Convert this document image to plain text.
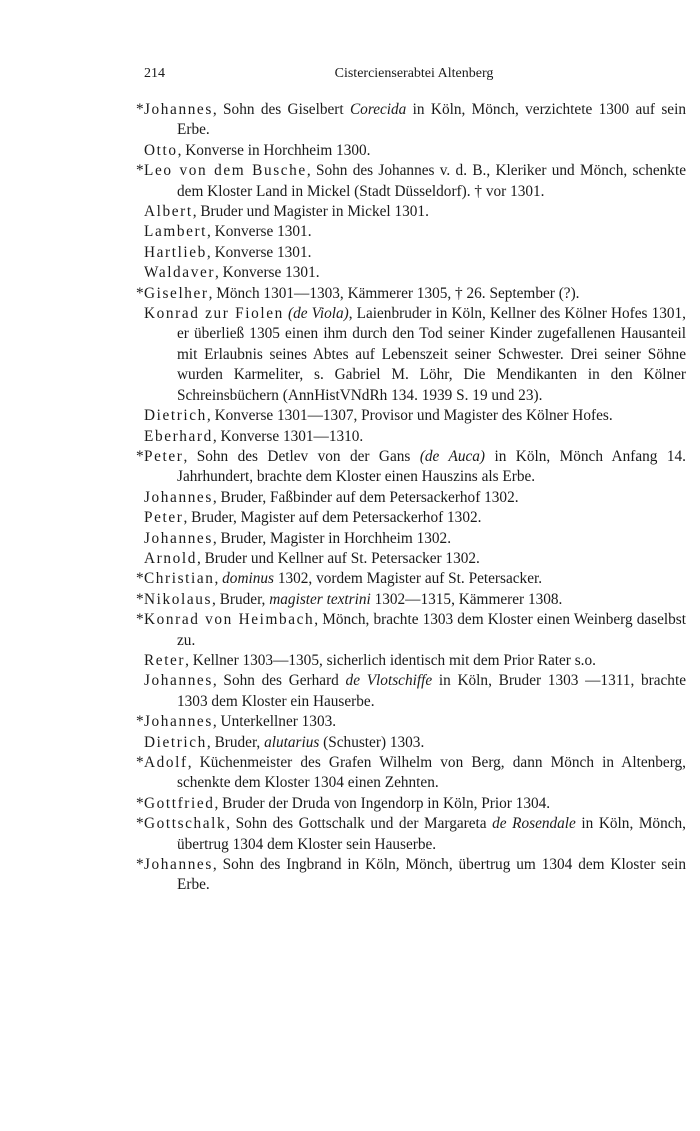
214	Cistercienserabtei Altenberg
* Johannes, Sohn des Giselbert Corecida in Köln, Mönch, verzichtete 1300 auf sein Erbe.
Otto, Konverse in Horchheim 1300.
* Leo von dem Busche, Sohn des Johannes v. d. B., Kleriker und Mönch, schenkte dem Kloster Land in Mickel (Stadt Düsseldorf). † vor 1301.
Albert, Bruder und Magister in Mickel 1301.
Lambert, Konverse 1301.
Hartlieb, Konverse 1301.
Waldaver, Konverse 1301.
* Giselher, Mönch 1301—1303, Kämmerer 1305, † 26. September (?).
Konrad zur Fiolen (de Viola), Laienbruder in Köln, Kellner des Kölner Hofes 1301, er überließ 1305 einen ihm durch den Tod seiner Kinder zugefallenen Hausanteil mit Erlaubnis seines Abtes auf Lebenszeit seiner Schwester. Drei seiner Söhne wurden Karmeliter, s. Gabriel M. Löhr, Die Mendikanten in den Kölner Schreinsbüchern (AnnHistVNdRh 134. 1939 S. 19 und 23).
Dietrich, Konverse 1301—1307, Provisor und Magister des Kölner Hofes.
Eberhard, Konverse 1301—1310.
* Peter, Sohn des Detlev von der Gans (de Auca) in Köln, Mönch Anfang 14. Jahrhundert, brachte dem Kloster einen Hauszins als Erbe.
Johannes, Bruder, Faßbinder auf dem Petersackerhof 1302.
Peter, Bruder, Magister auf dem Petersackerhof 1302.
Johannes, Bruder, Magister in Horchheim 1302.
Arnold, Bruder und Kellner auf St. Petersacker 1302.
* Christian, dominus 1302, vordem Magister auf St. Petersacker.
* Nikolaus, Bruder, magister textrini 1302—1315, Kämmerer 1308.
* Konrad von Heimbach, Mönch, brachte 1303 dem Kloster einen Weinberg daselbst zu.
Reter, Kellner 1303—1305, sicherlich identisch mit dem Prior Rater s.o.
Johannes, Sohn des Gerhard de Vlotschiffe in Köln, Bruder 1303 —1311, brachte 1303 dem Kloster ein Hauserbe.
* Johannes, Unterkellner 1303.
Dietrich, Bruder, alutarius (Schuster) 1303.
* Adolf, Küchenmeister des Grafen Wilhelm von Berg, dann Mönch in Altenberg, schenkte dem Kloster 1304 einen Zehnten.
* Gottfried, Bruder der Druda von Ingendorp in Köln, Prior 1304.
* Gottschalk, Sohn des Gottschalk und der Margareta de Rosendale in Köln, Mönch, übertrug 1304 dem Kloster sein Hauserbe.
* Johannes, Sohn des Ingbrand in Köln, Mönch, übertrug um 1304 dem Kloster sein Erbe.
